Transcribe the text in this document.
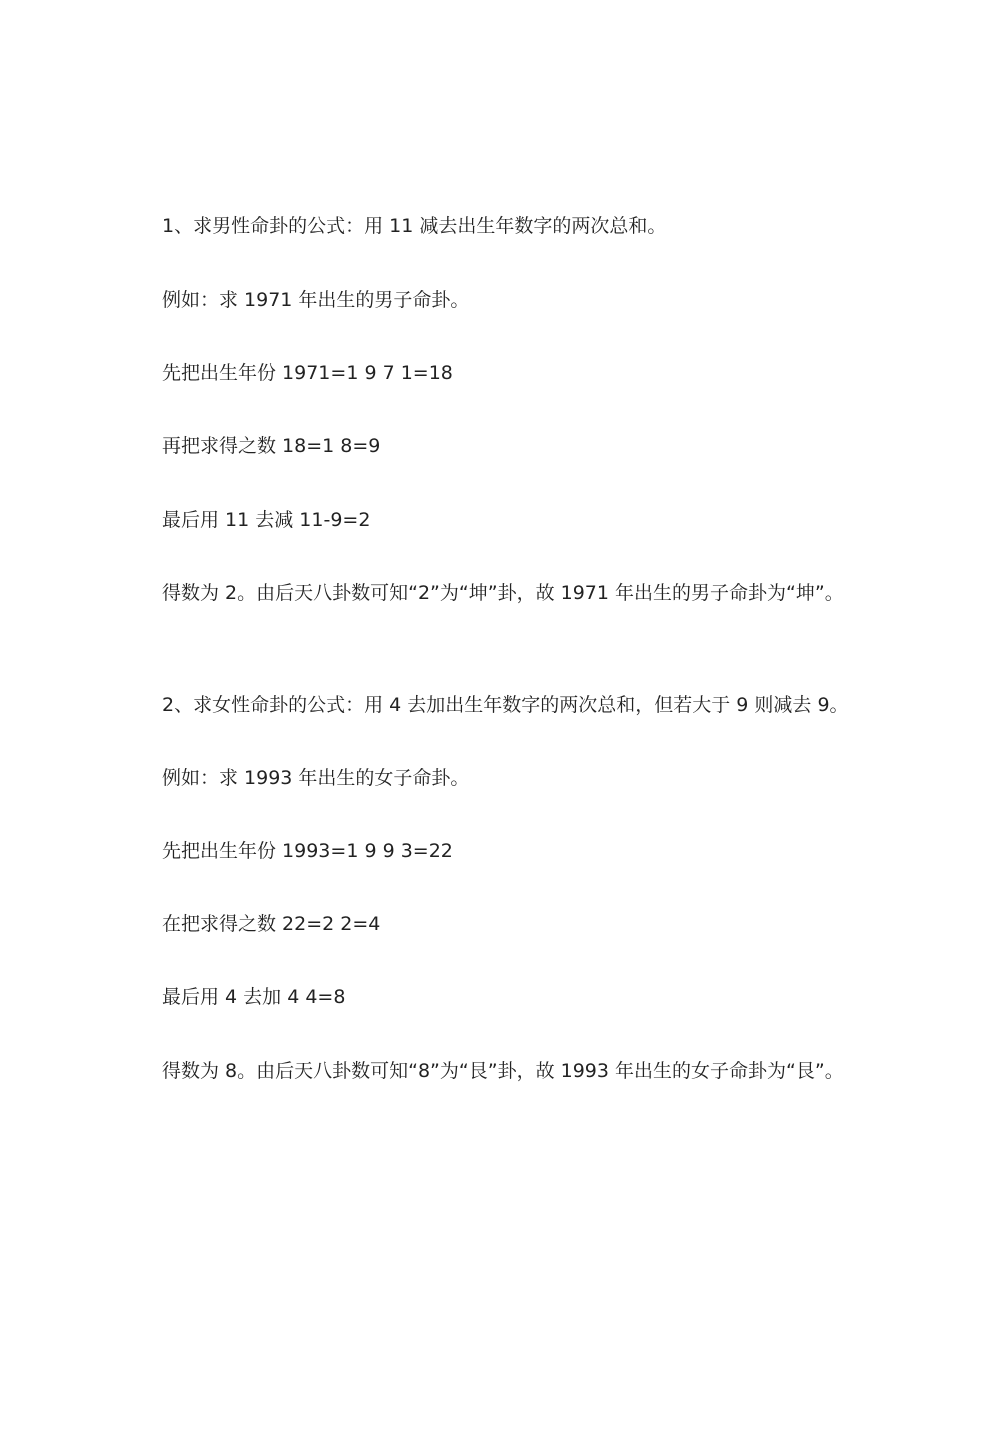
1、求男性命卦的公式：用 11 减去出生年数字的两次总和。
例如：求 1971 年出生的男子命卦。
先把出生年份 1971=1 9 7 1=18
再把求得之数 18=1 8=9
最后用 11 去减 11-9=2
得数为 2。由后天八卦数可知“2”为“坤”卦，故 1971 年出生的男子命卦为“坤”。
2、求女性命卦的公式：用 4 去加出生年数字的两次总和，但若大于 9 则减去 9。
例如：求 1993 年出生的女子命卦。
先把出生年份 1993=1 9 9 3=22
在把求得之数 22=2 2=4
最后用 4 去加 4 4=8
得数为 8。由后天八卦数可知“8”为“艮”卦，故 1993 年出生的女子命卦为“艮”。
